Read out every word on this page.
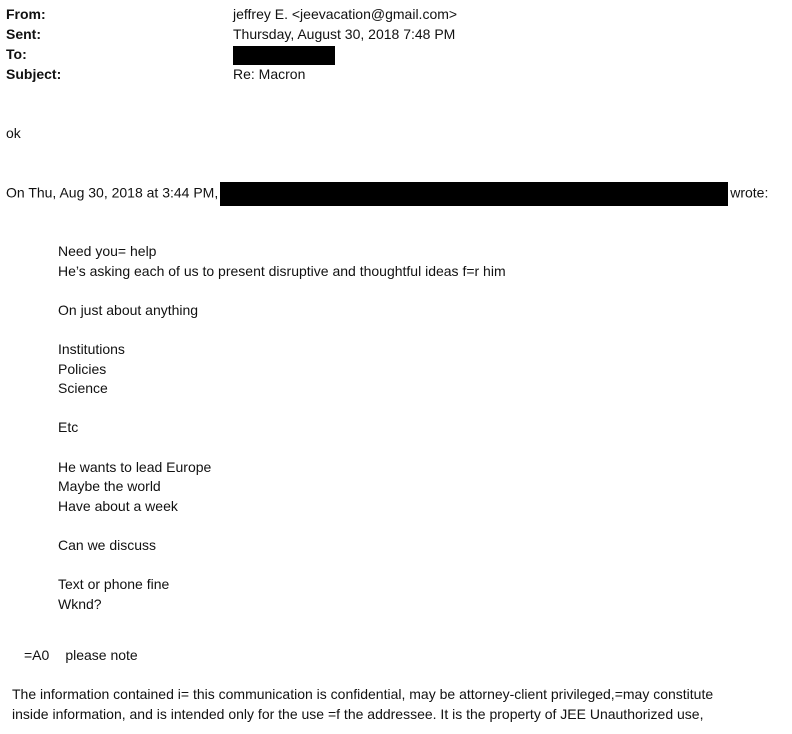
From:	jeffrey E. <jeevacation@gmail.com>
Sent:	Thursday, August 30, 2018 7:48 PM
To:
Subject:	Re: Macron
ok
On Thu, Aug 30, 2018 at 3:44 PM,	wrote:
Need you= help
He’s asking each of us to present disruptive and thoughtful ideas f=r him
On just about anything
Institutions
Policies
Science
Etc
He wants to lead Europe
Maybe the world
Have about a week
Can we discuss
Text or phone fine
Wknd?
=A0 please note
The information contained i= this communication is confidential, may be attorney-client privileged,=may constitute
inside information, and is intended only for the use =f the addressee. It is the property of JEE Unauthorized use,
